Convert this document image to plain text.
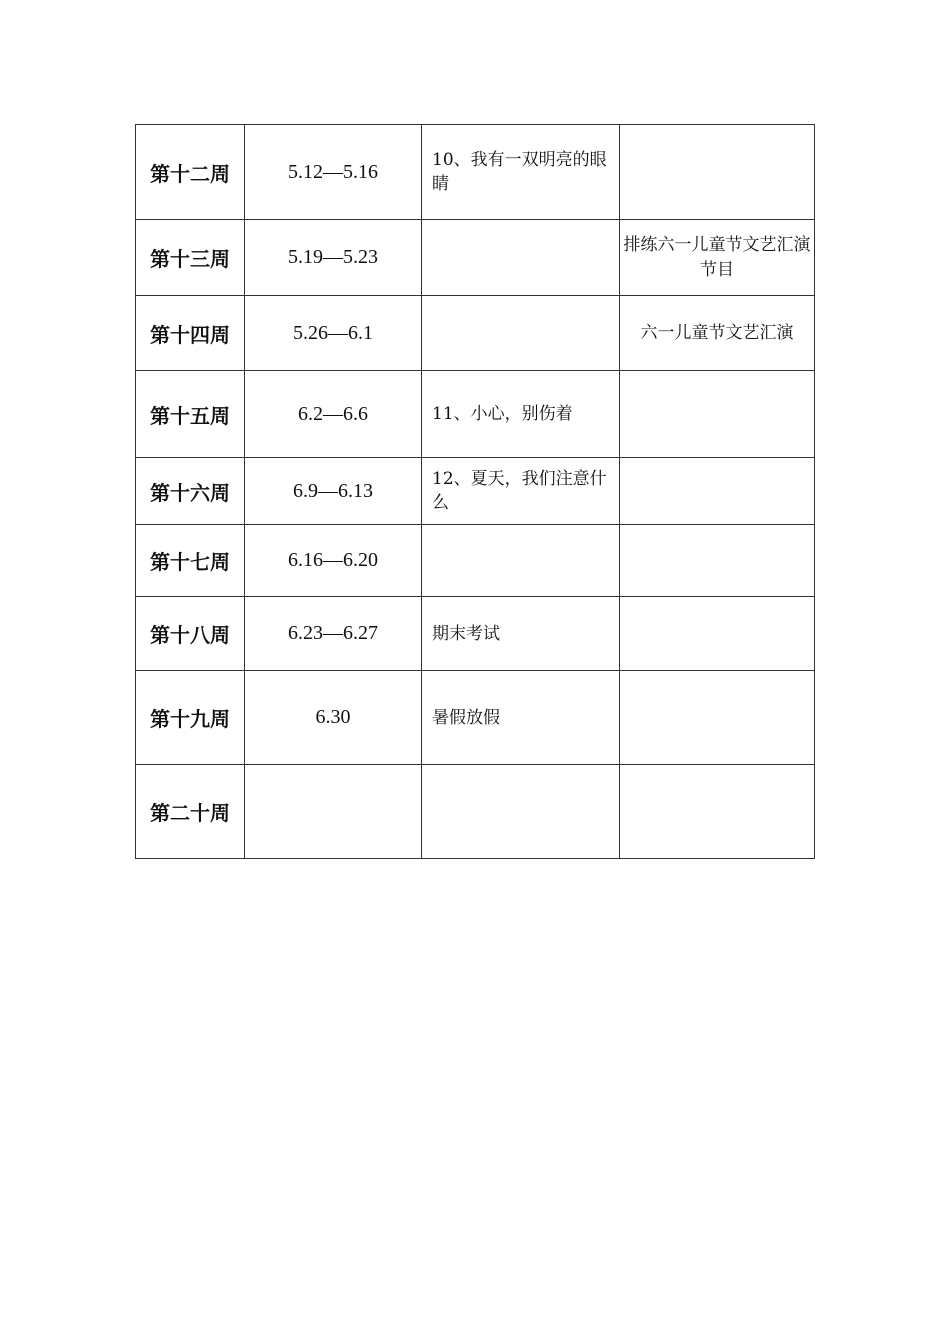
第十二周	5.12—5.16	10、我有一双明亮的眼睛	
第十三周	5.19—5.23		排练六一儿童节文艺汇演节目
第十四周	5.26—6.1		六一儿童节文艺汇演
第十五周	6.2—6.6	11、小心，别伤着	
第十六周	6.9—6.13	12、夏天，我们注意什么	
第十七周	6.16—6.20		
第十八周	6.23—6.27	期末考试	
第十九周	6.30	暑假放假	
第二十周			
